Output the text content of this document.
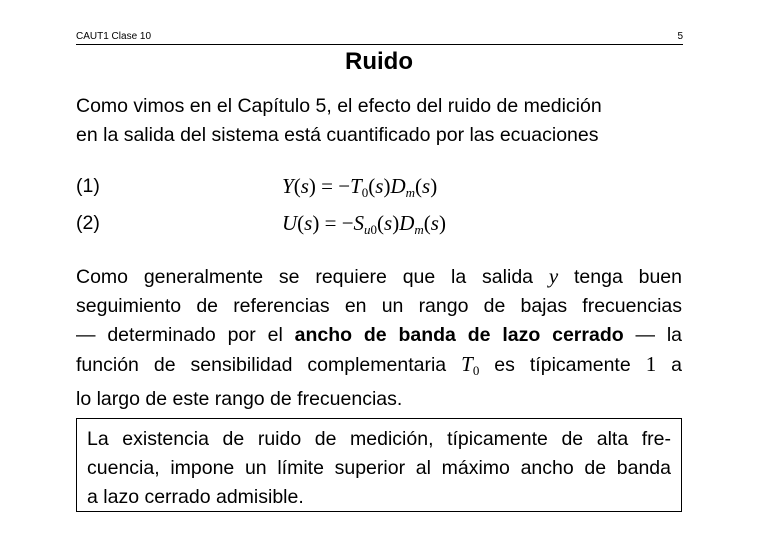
CAUT1 Clase 10	5
Ruido
Como vimos en el Capítulo 5, el efecto del ruido de medición
en la salida del sistema está cuantificado por las ecuaciones
(1)	$Y(s) = -T_0(s)D_m(s)$
(2)	$U(s) = -S_{u0}(s)D_m(s)$
Como generalmente se requiere que la salida y tenga buen
seguimiento de referencias en un rango de bajas frecuencias
— determinado por el ancho de banda de lazo cerrado — la
función de sensibilidad complementaria $T_0$ es típicamente 1 a
lo largo de este rango de frecuencias.
La existencia de ruido de medición, típicamente de alta fre-
cuencia, impone un límite superior al máximo ancho de banda
a lazo cerrado admisible.
